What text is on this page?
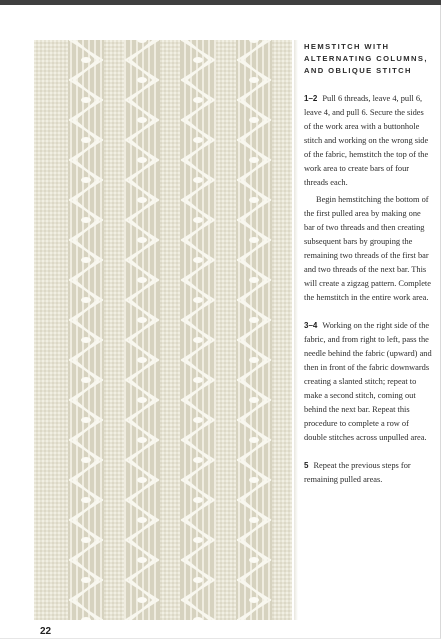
HEMSTITCH WITH
ALTERNATING COLUMNS,
AND OBLIQUE STITCH

1–2 Pull 6 threads, leave 4, pull 6, leave 4, and pull 6. Secure the sides of the work area with a buttonhole stitch and working on the wrong side of the fabric, hemstitch the top of the work area to create bars of four threads each.

Begin hemstitching the bottom of the first pulled area by making one bar of two threads and then creating subsequent bars by grouping the remaining two threads of the first bar and two threads of the next bar. This will create a zigzag pattern. Complete the hemstitch in the entire work area.

3–4 Working on the right side of the fabric, and from right to left, pass the needle behind the fabric (upward) and then in front of the fabric downwards creating a slanted stitch; repeat to make a second stitch, coming out behind the next bar. Repeat this procedure to complete a row of double stitches across unpulled area.

5 Repeat the previous steps for remaining pulled areas.

22
